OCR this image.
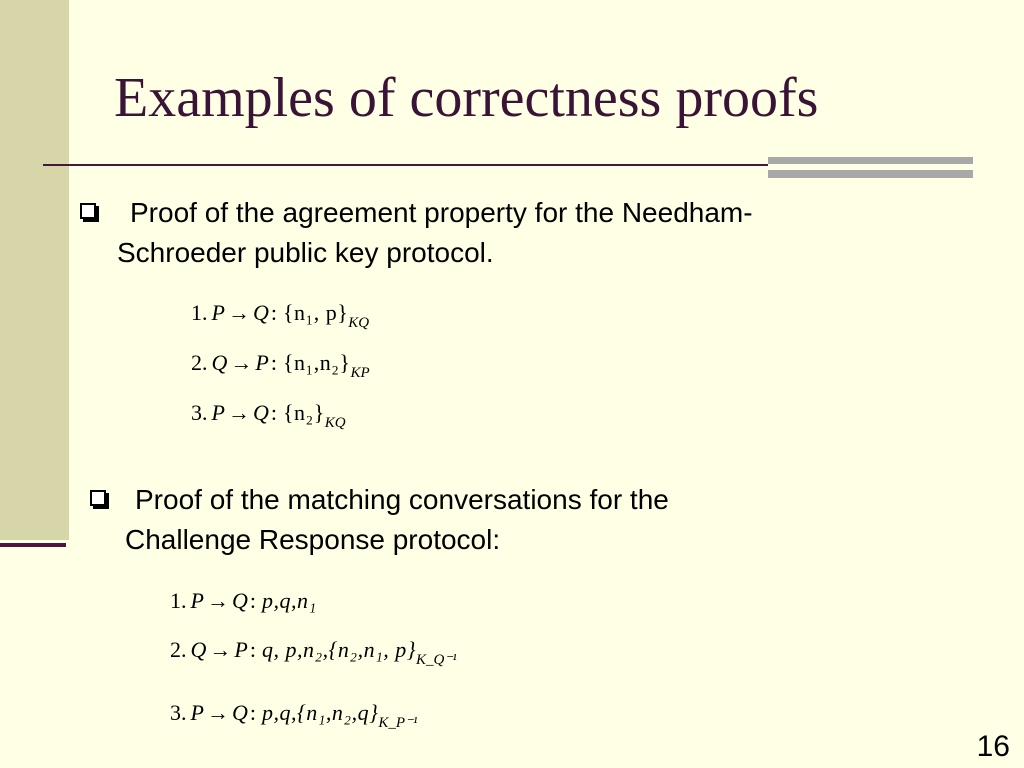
Examples of correctness proofs
Proof of the agreement property for the Needham-
Schroeder public key protocol.
1. P → Q: {n₁, $p\}_{KQ}$
2. Q → P: $\{n_1,n_2\}_{KP}$
3. P → Q: $\{n_2\}_{KQ}$
Proof of the matching conversations for the
Challenge Response protocol:
1. P → Q: p,q,n₁
2. Q → P: q, p,n₂,{n₂,n₁, $p\}_{K\_Q^{-1}}$
3. P → Q: $p,q,\{n_1,n_2,q\}_{K\_P^{-1}}$
16
